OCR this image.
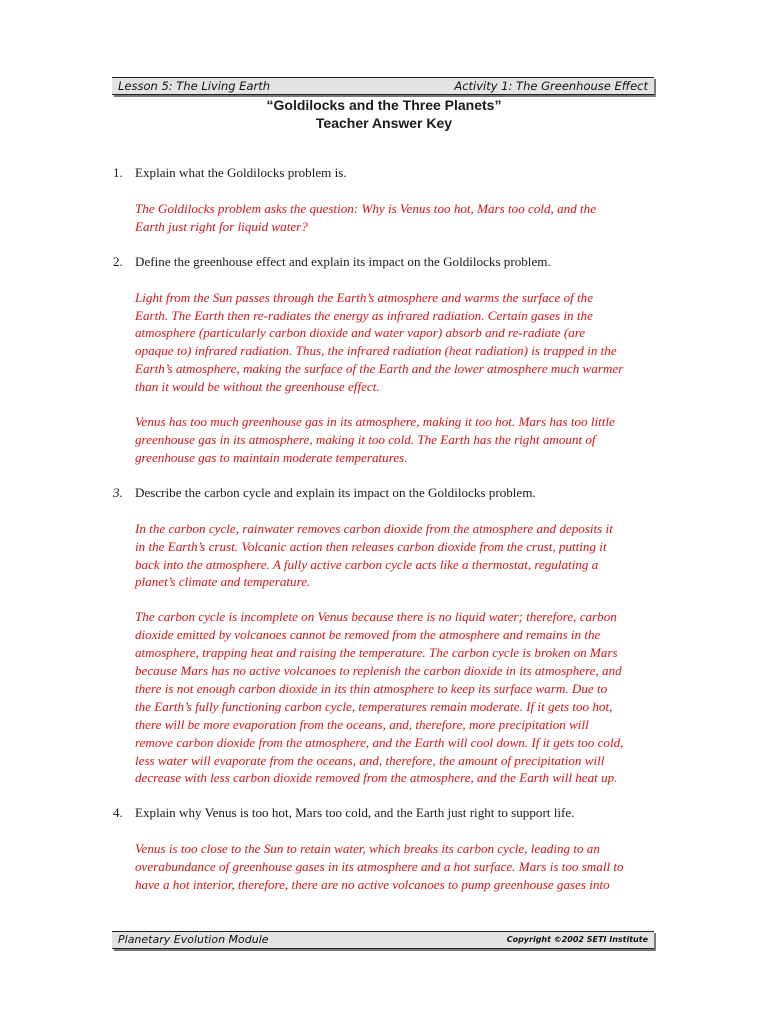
Lesson 5: The Living Earth	Activity 1: The Greenhouse Effect
“Goldilocks and the Three Planets”
Teacher Answer Key
1. Explain what the Goldilocks problem is.
The Goldilocks problem asks the question: Why is Venus too hot, Mars too cold, and the
Earth just right for liquid water?
2. Define the greenhouse effect and explain its impact on the Goldilocks problem.
Light from the Sun passes through the Earth’s atmosphere and warms the surface of the
Earth. The Earth then re-radiates the energy as infrared radiation. Certain gases in the
atmosphere (particularly carbon dioxide and water vapor) absorb and re-radiate (are
opaque to) infrared radiation. Thus, the infrared radiation (heat radiation) is trapped in the
Earth’s atmosphere, making the surface of the Earth and the lower atmosphere much warmer
than it would be without the greenhouse effect.
Venus has too much greenhouse gas in its atmosphere, making it too hot. Mars has too little
greenhouse gas in its atmosphere, making it too cold. The Earth has the right amount of
greenhouse gas to maintain moderate temperatures.
3. Describe the carbon cycle and explain its impact on the Goldilocks problem.
In the carbon cycle, rainwater removes carbon dioxide from the atmosphere and deposits it
in the Earth’s crust. Volcanic action then releases carbon dioxide from the crust, putting it
back into the atmosphere. A fully active carbon cycle acts like a thermostat, regulating a
planet’s climate and temperature.
The carbon cycle is incomplete on Venus because there is no liquid water; therefore, carbon
dioxide emitted by volcanoes cannot be removed from the atmosphere and remains in the
atmosphere, trapping heat and raising the temperature. The carbon cycle is broken on Mars
because Mars has no active volcanoes to replenish the carbon dioxide in its atmosphere, and
there is not enough carbon dioxide in its thin atmosphere to keep its surface warm. Due to
the Earth’s fully functioning carbon cycle, temperatures remain moderate. If it gets too hot,
there will be more evaporation from the oceans, and, therefore, more precipitation will
remove carbon dioxide from the atmosphere, and the Earth will cool down. If it gets too cold,
less water will evaporate from the oceans, and, therefore, the amount of precipitation will
decrease with less carbon dioxide removed from the atmosphere, and the Earth will heat up.
4. Explain why Venus is too hot, Mars too cold, and the Earth just right to support life.
Venus is too close to the Sun to retain water, which breaks its carbon cycle, leading to an
overabundance of greenhouse gases in its atmosphere and a hot surface. Mars is too small to
have a hot interior, therefore, there are no active volcanoes to pump greenhouse gases into
Planetary Evolution Module	Copyright ©2002 SETI Institute
